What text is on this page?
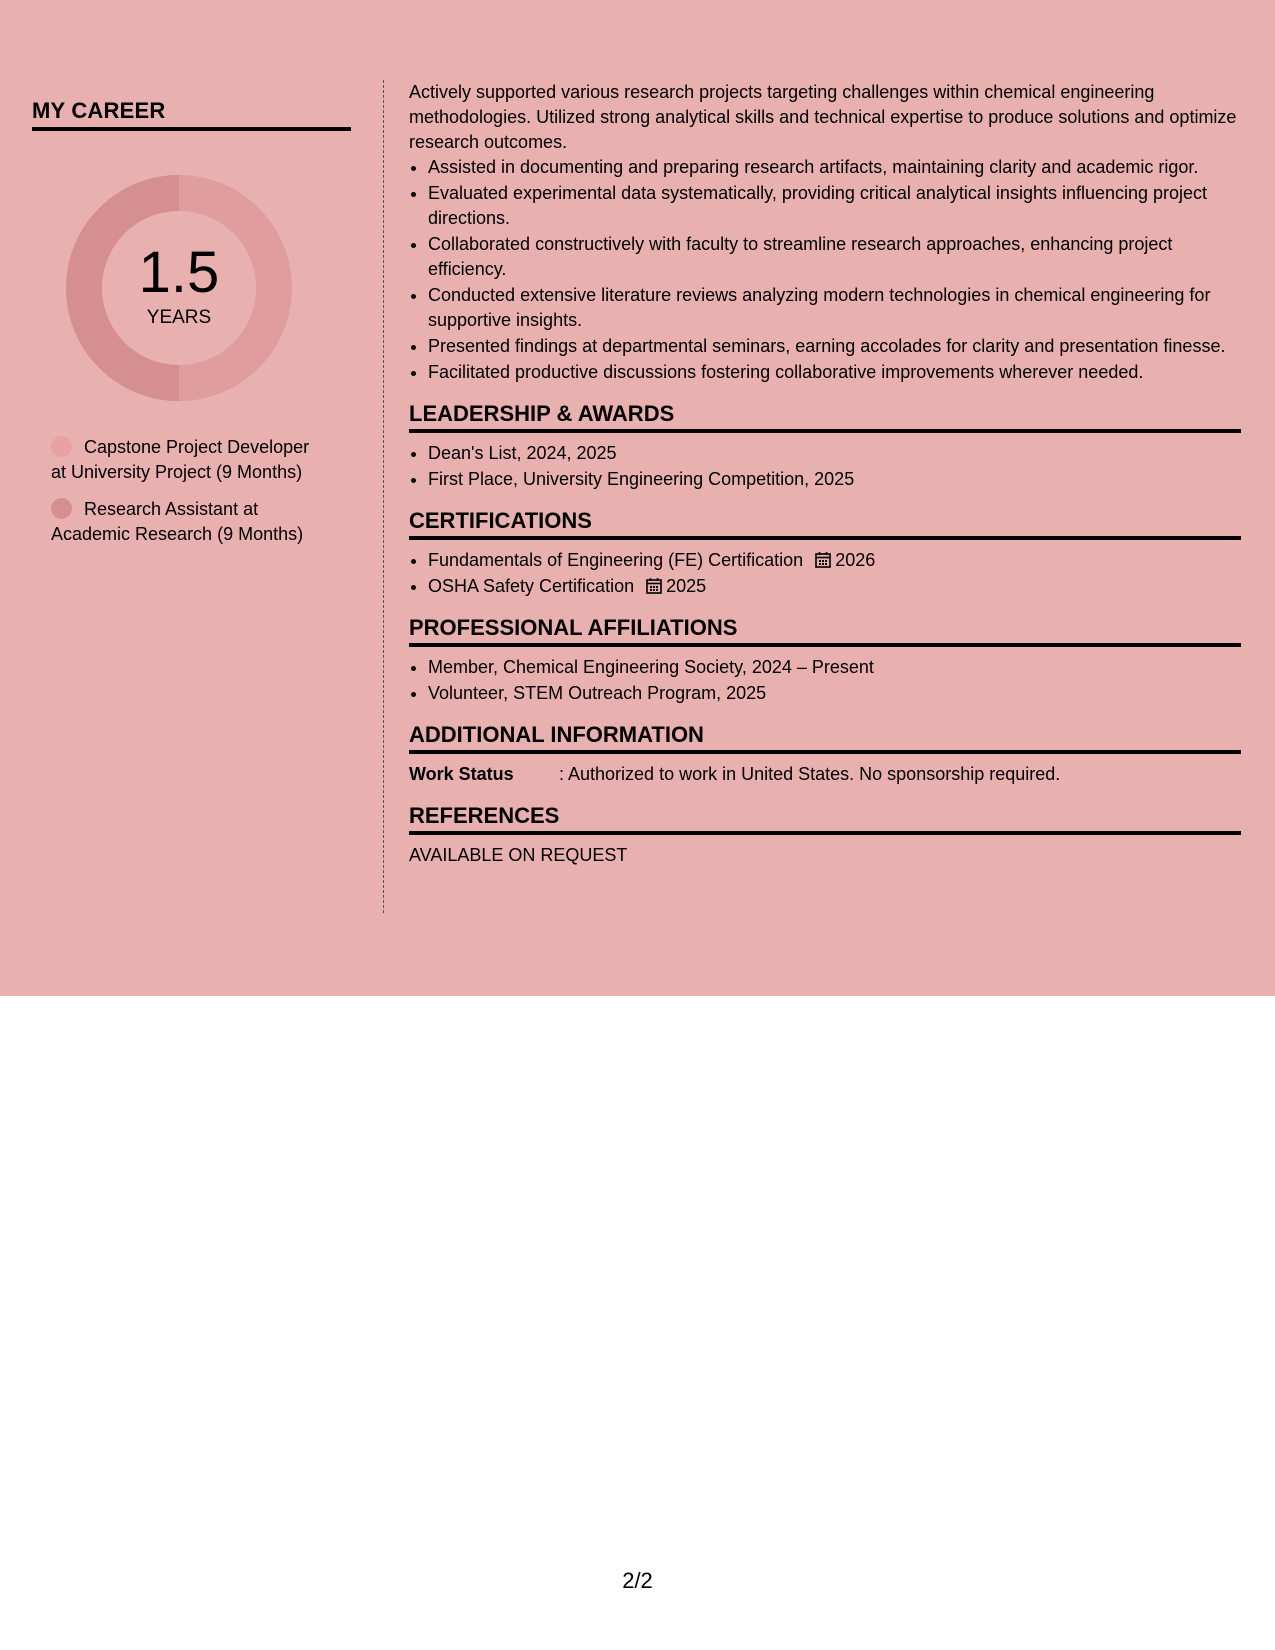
MY CAREER
1.5
YEARS
Capstone Project Developer at University Project (9 Months)
Research Assistant at Academic Research (9 Months)

Actively supported various research projects targeting challenges within chemical engineering methodologies. Utilized strong analytical skills and technical expertise to produce solutions and optimize research outcomes.

• Assisted in documenting and preparing research artifacts, maintaining clarity and academic rigor.
• Evaluated experimental data systematically, providing critical analytical insights influencing project directions.
• Collaborated constructively with faculty to streamline research approaches, enhancing project efficiency.
• Conducted extensive literature reviews analyzing modern technologies in chemical engineering for supportive insights.
• Presented findings at departmental seminars, earning accolades for clarity and presentation finesse.
• Facilitated productive discussions fostering collaborative improvements wherever needed.
LEADERSHIP & AWARDS
• Dean's List, 2024, 2025
• First Place, University Engineering Competition, 2025
CERTIFICATIONS
• Fundamentals of Engineering (FE) Certification 2026
• OSHA Safety Certification 2025
PROFESSIONAL AFFILIATIONS
• Member, Chemical Engineering Society, 2024 – Present
• Volunteer, STEM Outreach Program, 2025
ADDITIONAL INFORMATION
Work Status	: Authorized to work in United States. No sponsorship required.
REFERENCES

AVAILABLE ON REQUEST

2/2
